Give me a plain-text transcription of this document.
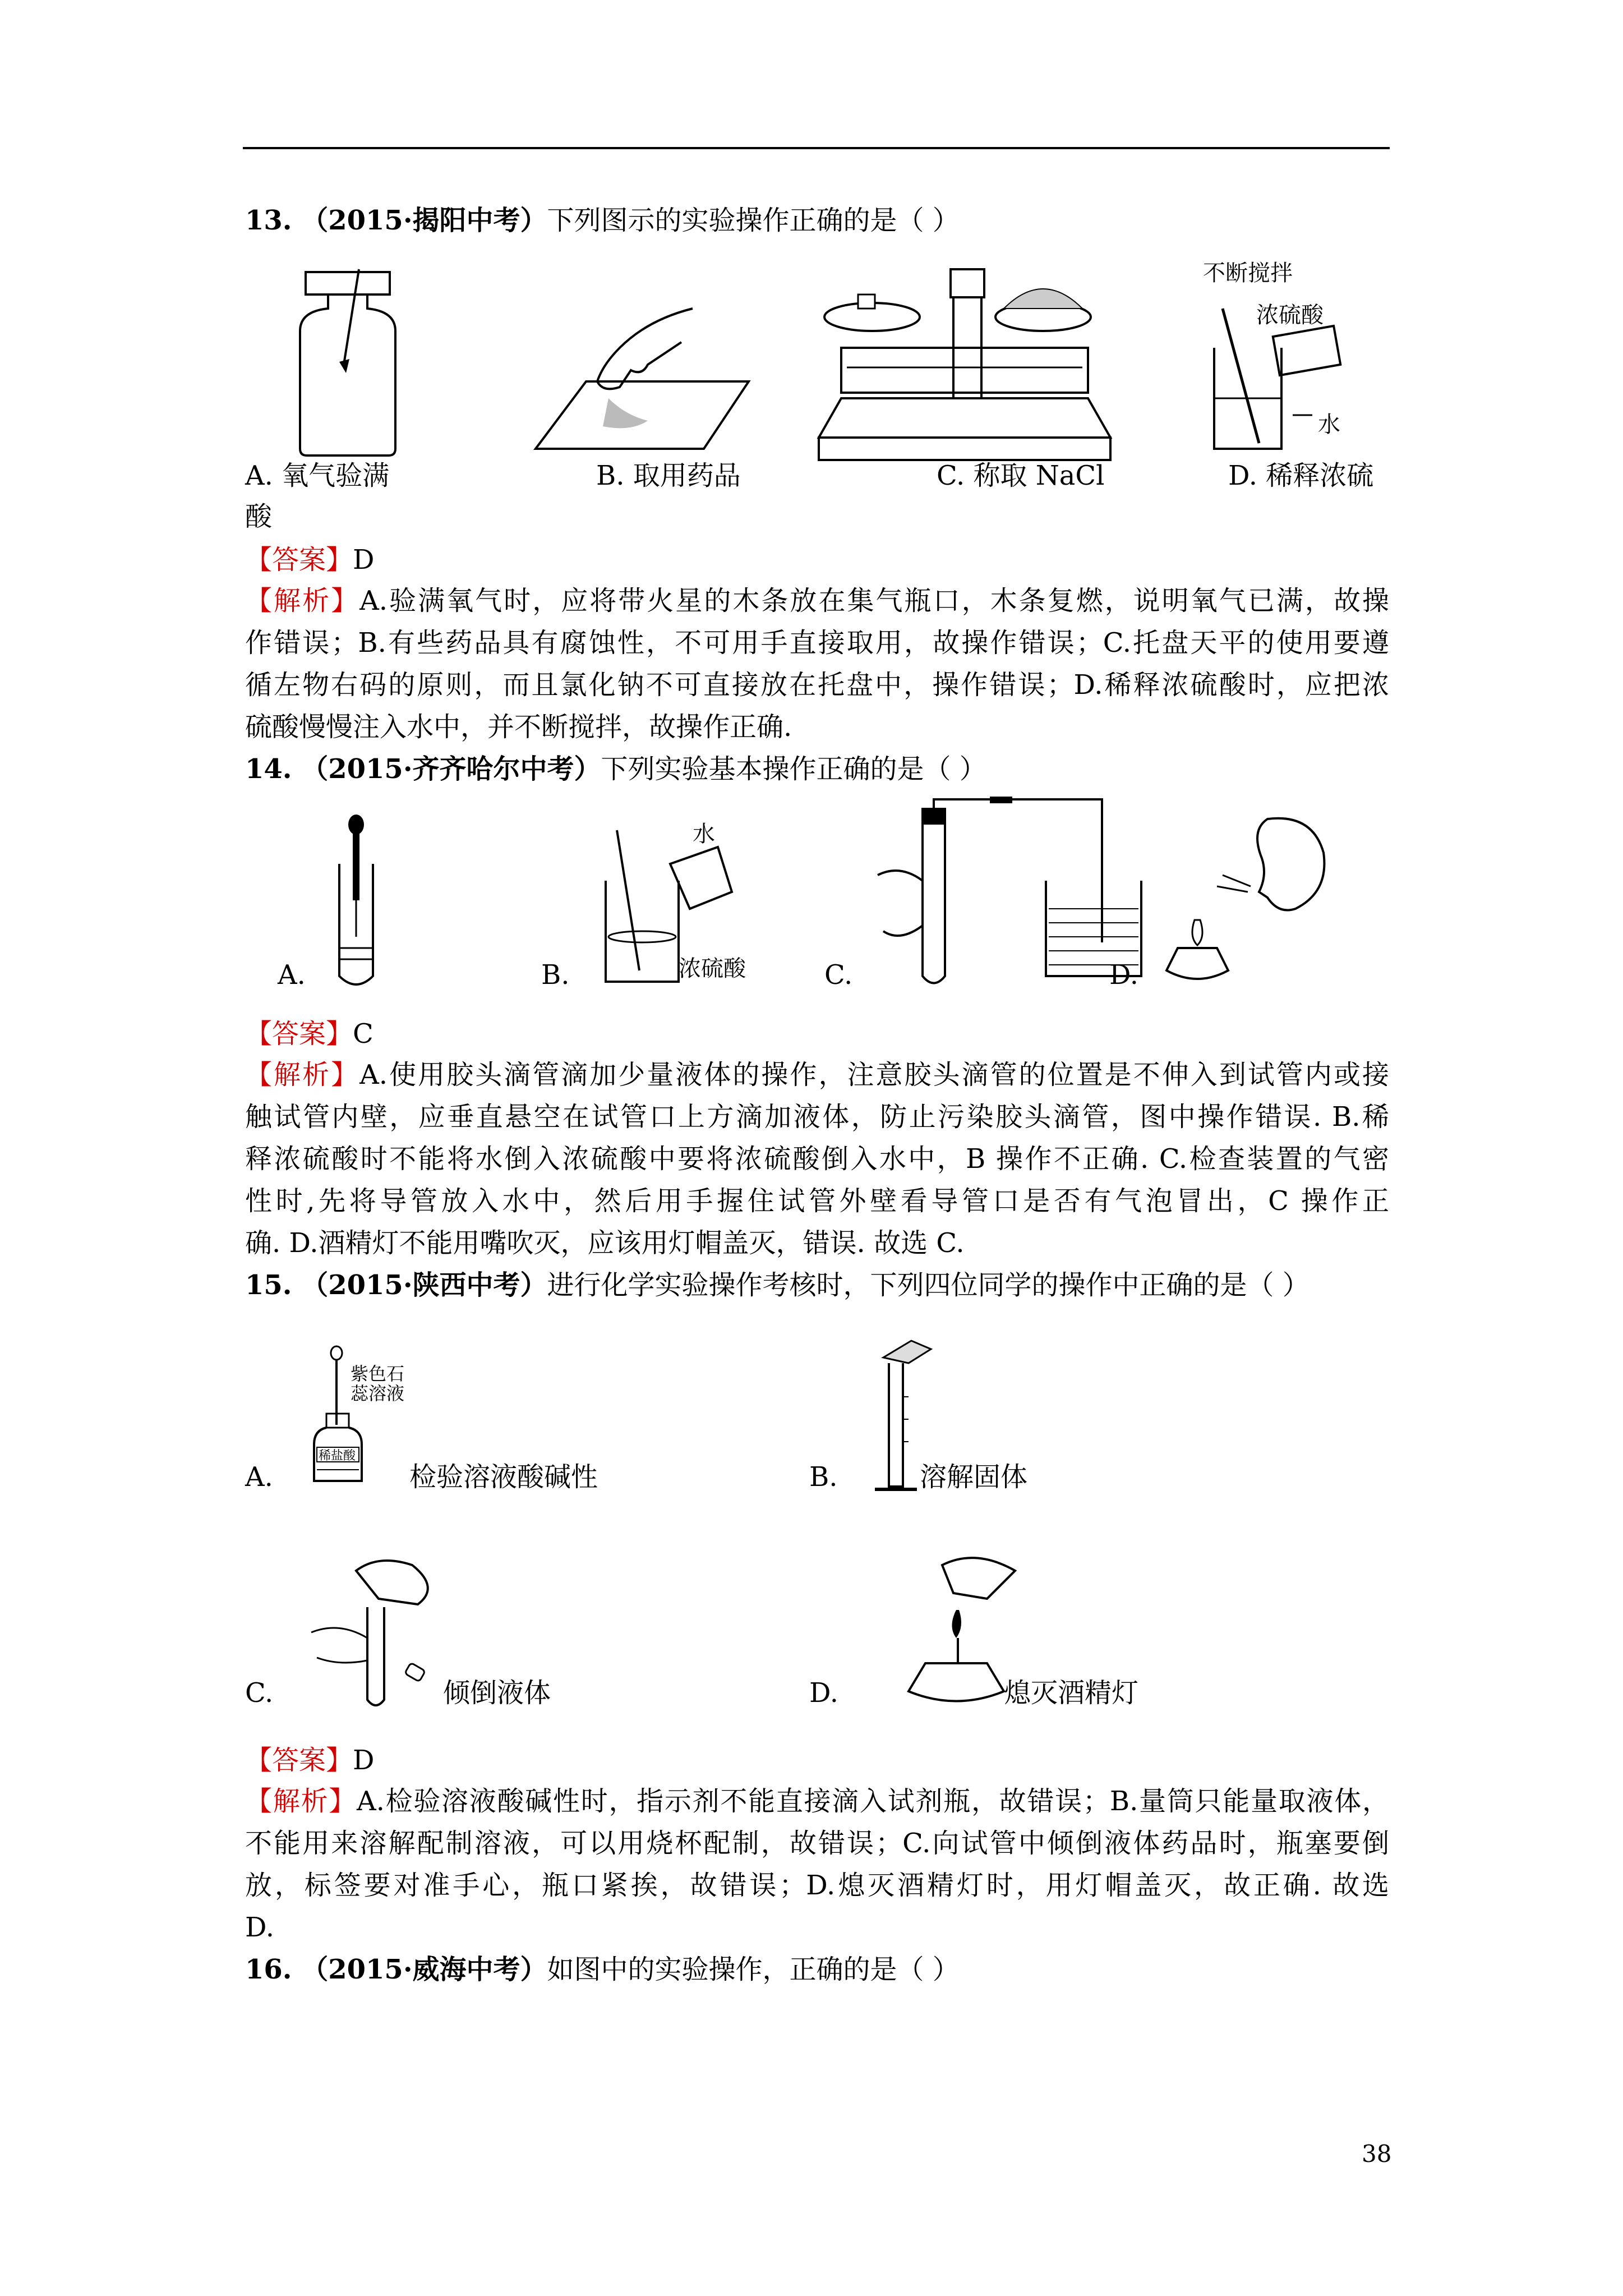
13. （2015·揭阳中考）下列图示的实验操作正确的是（ ）
不断搅拌
浓硫酸
水
A. 氧气验满	B. 取用药品	C. 称取 NaCl	D. 稀释浓硫
酸
【答案】D
【解析】A.验满氧气时，应将带火星的木条放在集气瓶口，木条复燃，说明氧气已满，故操
作错误；B.有些药品具有腐蚀性，不可用手直接取用，故操作错误；C.托盘天平的使用要遵
循左物右码的原则，而且氯化钠不可直接放在托盘中，操作错误；D.稀释浓硫酸时，应把浓
硫酸慢慢注入水中，并不断搅拌，故操作正确.
14. （2015·齐齐哈尔中考）下列实验基本操作正确的是（ ）
水
浓硫酸
A.	B.	C.	D.
【答案】C
【解析】A.使用胶头滴管滴加少量液体的操作，注意胶头滴管的位置是不伸入到试管内或接
触试管内壁，应垂直悬空在试管口上方滴加液体，防止污染胶头滴管，图中操作错误. B.稀
释浓硫酸时不能将水倒入浓硫酸中要将浓硫酸倒入水中，B 操作不正确. C.检查装置的气密
性时,先将导管放入水中，然后用手握住试管外壁看导管口是否有气泡冒出，C 操作正
确. D.酒精灯不能用嘴吹灭，应该用灯帽盖灭，错误. 故选 C.
15. （2015·陕西中考）进行化学实验操作考核时，下列四位同学的操作中正确的是（ ）
紫色石
蕊溶液
稀盐酸
A.	检验溶液酸碱性	B.	溶解固体
C.	倾倒液体	D.	熄灭酒精灯
【答案】D
【解析】A.检验溶液酸碱性时，指示剂不能直接滴入试剂瓶，故错误；B.量筒只能量取液体，
不能用来溶解配制溶液，可以用烧杯配制，故错误；C.向试管中倾倒液体药品时，瓶塞要倒
放，标签要对准手心，瓶口紧挨，故错误；D.熄灭酒精灯时，用灯帽盖灭，故正确. 故选
D.
16. （2015·威海中考）如图中的实验操作，正确的是（ ）
38
